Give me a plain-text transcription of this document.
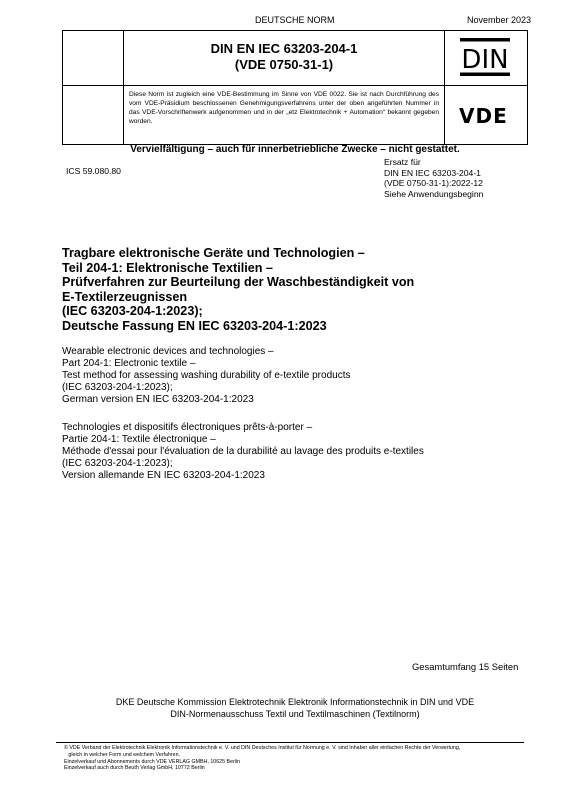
DEUTSCHE NORM	November 2023
DIN EN IEC 63203-204-1
(VDE 0750-31-1)	DIN
Diese Norm ist zugleich eine VDE-Bestimmung im Sinne von VDE 0022. Sie ist nach Durchführung des vom VDE-Präsidium beschlossenen Genehmigungsverfahrens unter der oben angeführten Nummer in das VDE-Vorschriftenwerk aufgenommen und in der „etz Elektrotechnik + Automation“ bekannt gegeben worden.	VDE
Vervielfältigung – auch für innerbetriebliche Zwecke – nicht gestattet.
ICS 59.080.80
Ersatz für
DIN EN IEC 63203-204-1
(VDE 0750-31-1):2022-12
Siehe Anwendungsbeginn
Tragbare elektronische Geräte und Technologien –
Teil 204-1: Elektronische Textilien –
Prüfverfahren zur Beurteilung der Waschbeständigkeit von
E-Textilerzeugnissen
(IEC 63203-204-1:2023);
Deutsche Fassung EN IEC 63203-204-1:2023
Wearable electronic devices and technologies –
Part 204-1: Electronic textile –
Test method for assessing washing durability of e-textile products
(IEC 63203-204-1:2023);
German version EN IEC 63203-204-1:2023
Technologies et dispositifs électroniques prêts-à-porter –
Partie 204-1: Textile électronique –
Méthode d'essai pour l'évaluation de la durabilité au lavage des produits e-textiles
(IEC 63203-204-1:2023);
Version allemande EN IEC 63203-204-1:2023
Gesamtumfang 15 Seiten
DKE Deutsche Kommission Elektrotechnik Elektronik Informationstechnik in DIN und VDE
DIN-Normenausschuss Textil und Textilmaschinen (Textilnorm)
© VDE Verband der Elektrotechnik Elektronik Informationstechnik e. V. und DIN Deutsches Institut für Normung e. V. sind Inhaber aller einfachen Rechte der Verwertung,
gleich in welcher Form und welchem Verfahren.
Einzelverkauf und Abonnements durch VDE VERLAG GMBH, 10625 Berlin
Einzelverkauf auch durch Beuth Verlag GmbH, 10772 Berlin
